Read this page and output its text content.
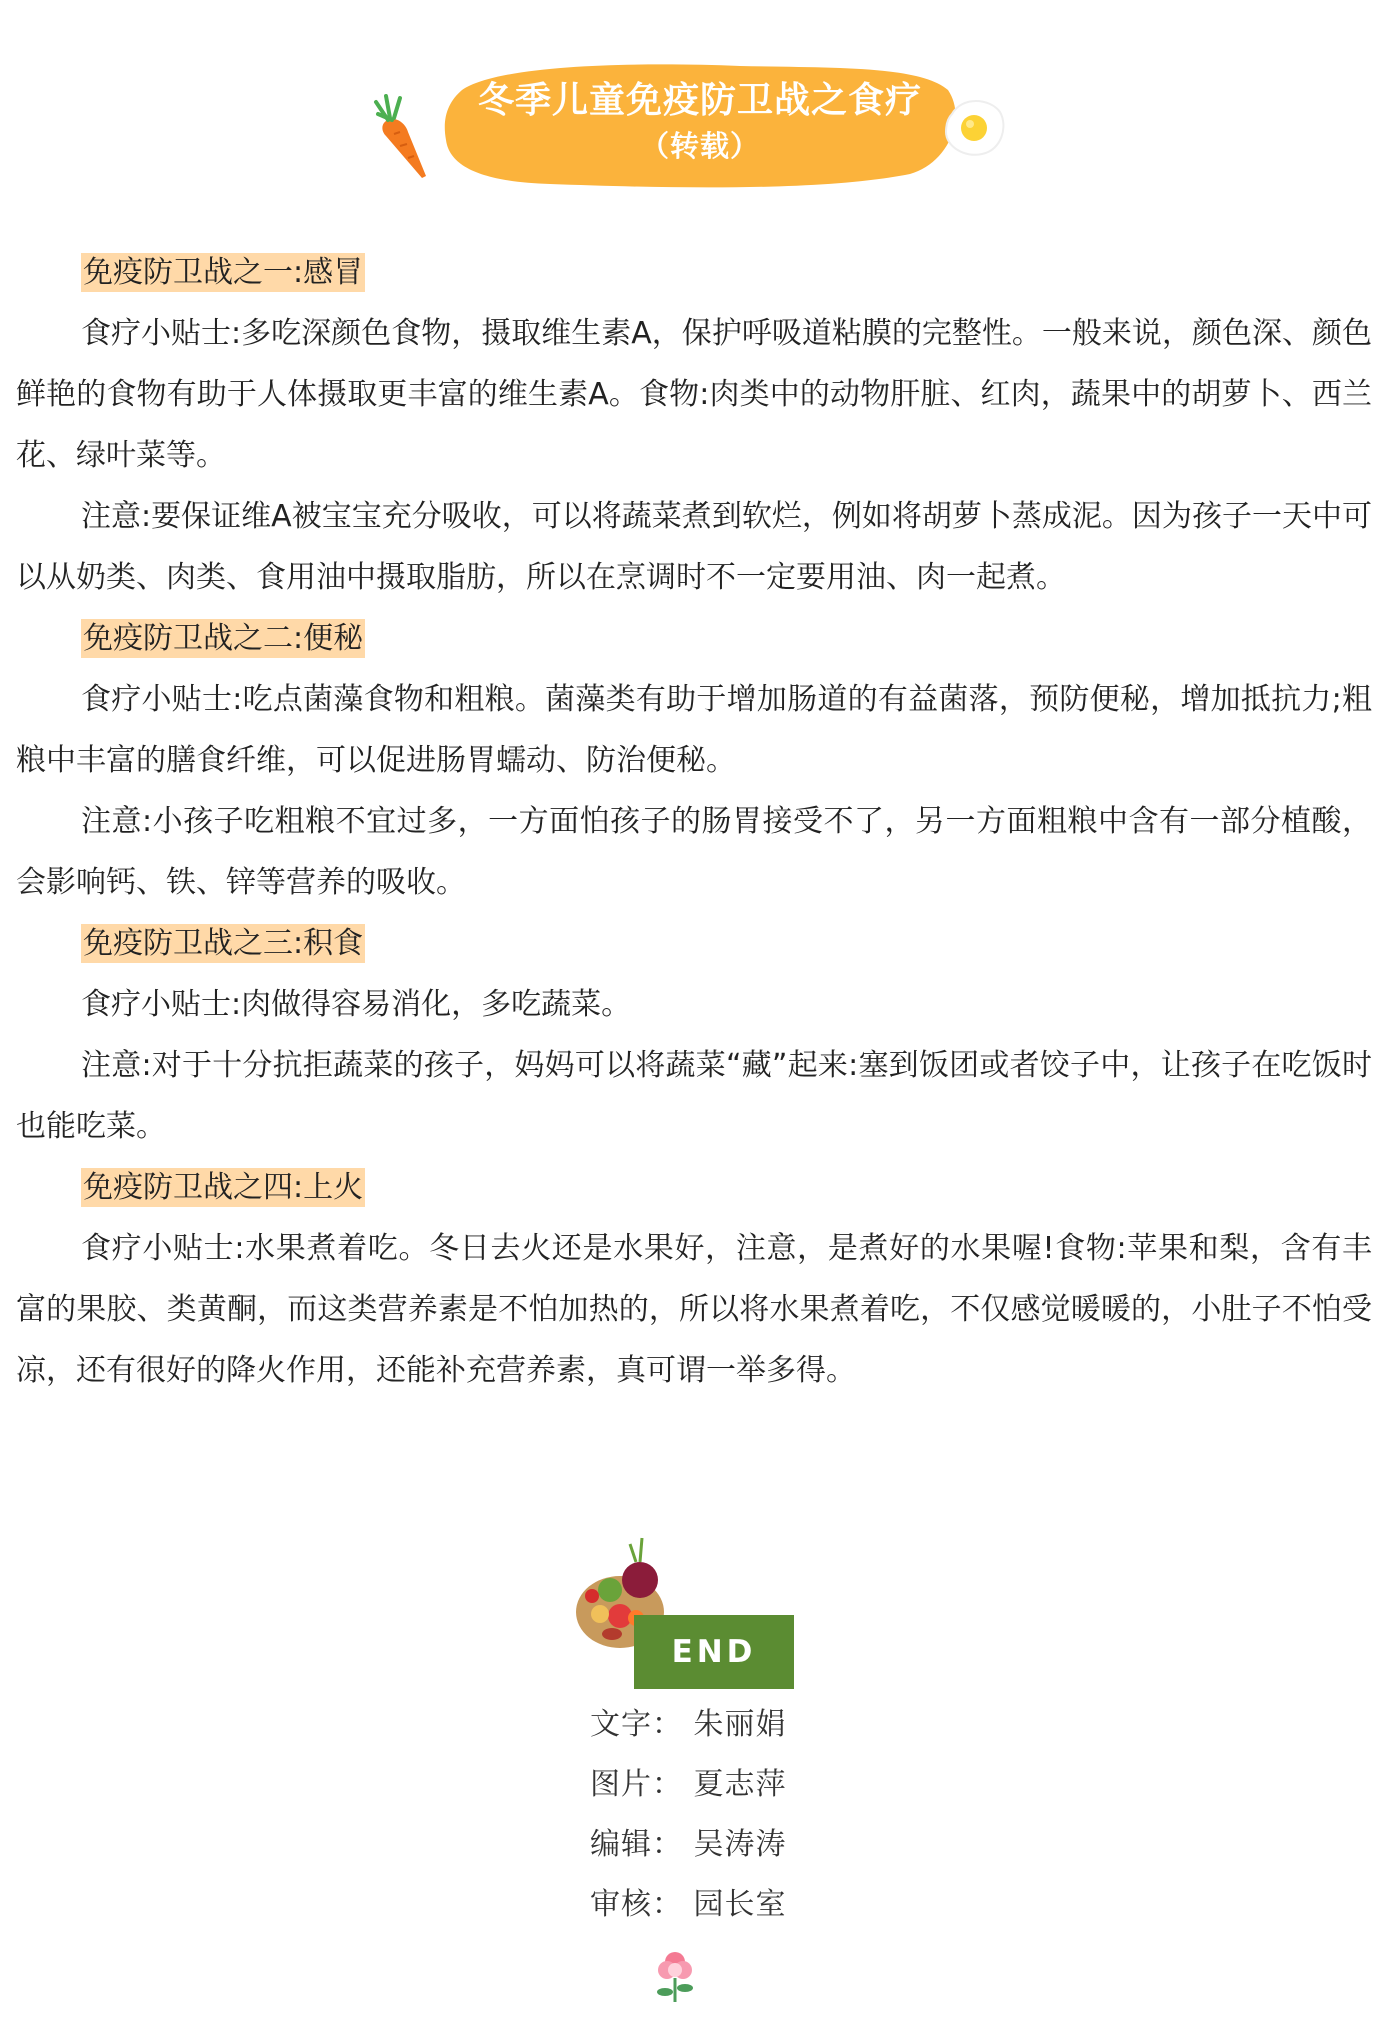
冬季儿童免疫防卫战之食疗
（转载）

免疫防卫战之一:感冒

食疗小贴士:多吃深颜色食物，摄取维生素A，保护呼吸道粘膜的完整性。一般来说，颜色深、颜色鲜艳的食物有助于人体摄取更丰富的维生素A。食物:肉类中的动物肝脏、红肉，蔬果中的胡萝卜、西兰花、绿叶菜等。

注意:要保证维A被宝宝充分吸收，可以将蔬菜煮到软烂，例如将胡萝卜蒸成泥。因为孩子一天中可以从奶类、肉类、食用油中摄取脂肪，所以在烹调时不一定要用油、肉一起煮。

免疫防卫战之二:便秘

食疗小贴士:吃点菌藻食物和粗粮。菌藻类有助于增加肠道的有益菌落，预防便秘，增加抵抗力;粗粮中丰富的膳食纤维，可以促进肠胃蠕动、防治便秘。

注意:小孩子吃粗粮不宜过多，一方面怕孩子的肠胃接受不了，另一方面粗粮中含有一部分植酸，会影响钙、铁、锌等营养的吸收。

免疫防卫战之三:积食

食疗小贴士:肉做得容易消化，多吃蔬菜。

注意:对于十分抗拒蔬菜的孩子，妈妈可以将蔬菜“藏”起来:塞到饭团或者饺子中，让孩子在吃饭时也能吃菜。

免疫防卫战之四:上火

食疗小贴士:水果煮着吃。冬日去火还是水果好，注意，是煮好的水果喔!食物:苹果和梨，含有丰富的果胶、类黄酮，而这类营养素是不怕加热的，所以将水果煮着吃，不仅感觉暖暖的，小肚子不怕受凉，还有很好的降火作用，还能补充营养素，真可谓一举多得。

END

文字： 朱丽娟

图片： 夏志萍

编辑： 吴涛涛

审核： 园长室
